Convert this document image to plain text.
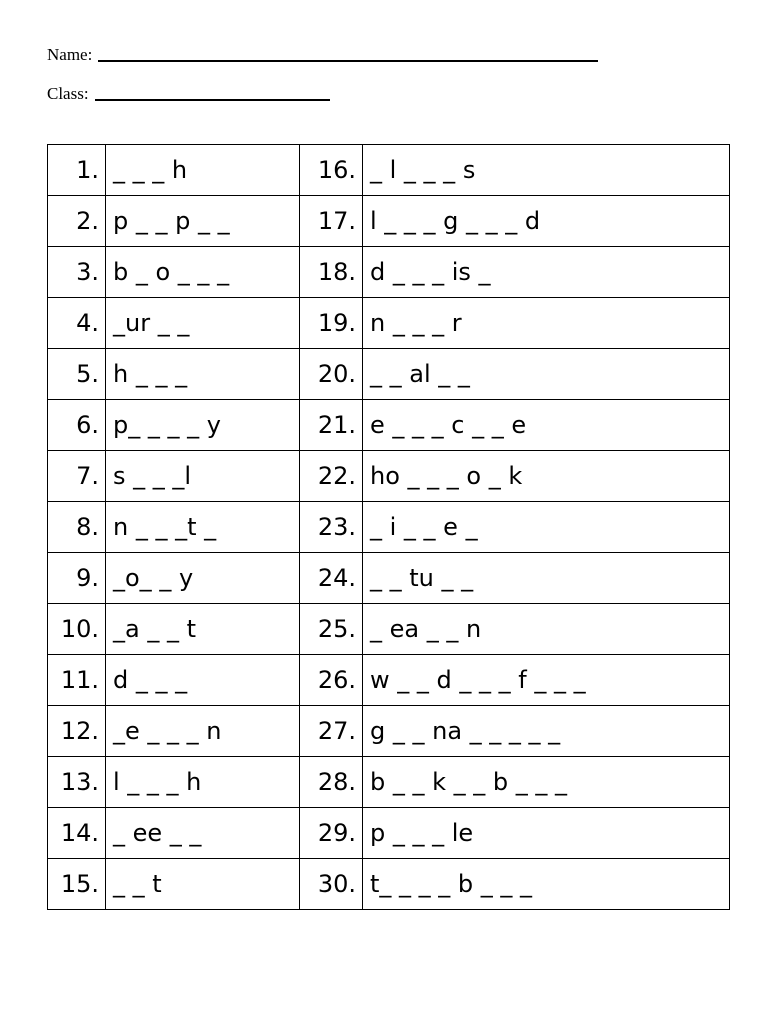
Name:
Class:
1.	_ _ _ h	16.	_ l _ _ _ s
2.	p _ _ p _ _	17.	l _ _ _ g _ _ _ d
3.	b _ o _ _ _	18.	d _ _ _ is _
4.	_ur _ _	19.	n _ _ _ r
5.	h _ _ _	20.	_ _ al _ _
6.	p_ _ _ _ y	21.	e _ _ _ c _ _ e
7.	s _ _ _l	22.	ho _ _ _ o _ k
8.	n _ _ _t _	23.	_ i _ _ e _
9.	_o_ _ y	24.	_ _ tu _ _
10.	_a _ _ t	25.	_ ea _ _ n
11.	d _ _ _	26.	w _ _ d _ _ _ f _ _ _
12.	_e _ _ _ n	27.	g _ _ na _ _ _ _ _
13.	l _ _ _ h	28.	b _ _ k _ _ b _ _ _
14.	_ ee _ _	29.	p _ _ _ le
15.	_ _ t	30.	t_ _ _ _ b _ _ _
